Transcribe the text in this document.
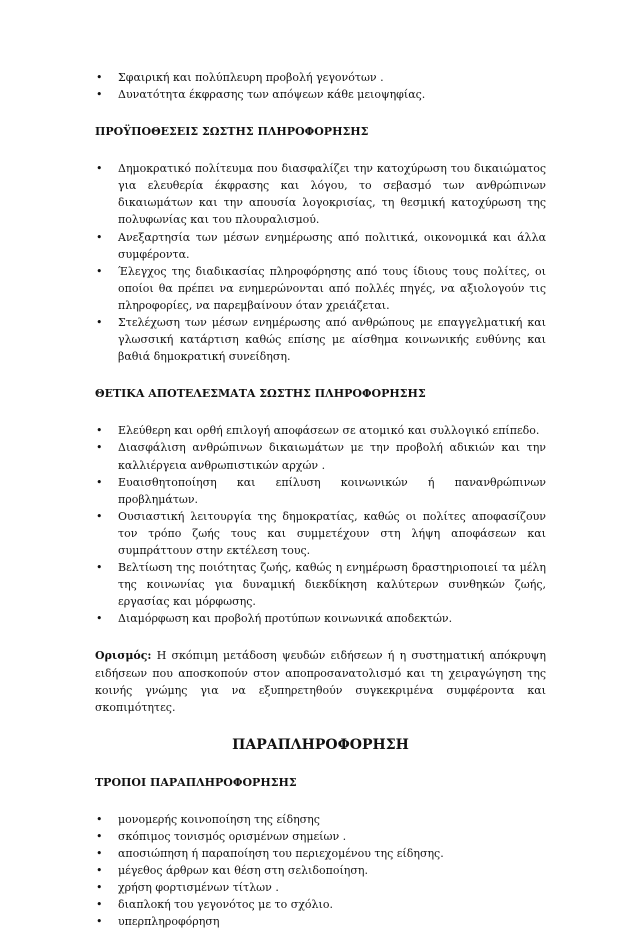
•	Σφαιρική και πολύπλευρη προβολή γεγονότων .
•	Δυνατότητα έκφρασης των απόψεων κάθε μειοψηφίας.
ΠΡΟΫΠΟΘΕΣΕΙΣ ΣΩΣΤΗΣ ΠΛΗΡΟΦΟΡΗΣΗΣ
•	Δημοκρατικό πολίτευμα που διασφαλίζει την κατοχύρωση του δικαιώματος για ελευθερία έκφρασης και λόγου, το σεβασμό των ανθρώπινων δικαιωμάτων και την απουσία λογοκρισίας, τη θεσμική κατοχύρωση της πολυφωνίας και του πλουραλισμού.
•	Ανεξαρτησία των μέσων ενημέρωσης από πολιτικά, οικονομικά και άλλα συμφέροντα.
•	Έλεγχος της διαδικασίας πληροφόρησης από τους ίδιους τους πολίτες, οι οποίοι θα πρέπει να ενημερώνονται από πολλές πηγές, να αξιολογούν τις πληροφορίες, να παρεμβαίνουν όταν χρειάζεται.
•	Στελέχωση των μέσων ενημέρωσης από ανθρώπους με επαγγελματική και γλωσσική κατάρτιση καθώς επίσης με αίσθημα κοινωνικής ευθύνης και βαθιά δημοκρατική συνείδηση.
ΘΕΤΙΚΑ ΑΠΟΤΕΛΕΣΜΑΤΑ ΣΩΣΤΗΣ ΠΛΗΡΟΦΟΡΗΣΗΣ
•	Ελεύθερη και ορθή επιλογή αποφάσεων σε ατομικό και συλλογικό επίπεδο.
•	Διασφάλιση ανθρώπινων δικαιωμάτων με την προβολή αδικιών και την καλλιέργεια ανθρωπιστικών αρχών .
•	Ευαισθητοποίηση και επίλυση κοινωνικών ή πανανθρώπινων προβλημάτων.
•	Ουσιαστική λειτουργία της δημοκρατίας, καθώς οι πολίτες αποφασίζουν τον τρόπο ζωής τους και συμμετέχουν στη λήψη αποφάσεων και συμπράττουν στην εκτέλεση τους.
•	Βελτίωση της ποιότητας ζωής, καθώς η ενημέρωση δραστηριοποιεί τα μέλη της κοινωνίας για δυναμική διεκδίκηση καλύτερων συνθηκών ζωής, εργασίας και μόρφωσης.
•	Διαμόρφωση και προβολή προτύπων κοινωνικά αποδεκτών.

Ορισμός: Η σκόπιμη μετάδοση ψευδών ειδήσεων ή η συστηματική απόκρυψη ειδήσεων που αποσκοπούν στον αποπροσανατολισμό και τη χειραγώγηση της κοινής γνώμης για να εξυπηρετηθούν συγκεκριμένα συμφέροντα και σκοπιμότητες.

ΠΑΡΑΠΛΗΡΟΦΟΡΗΣΗ
ΤΡΟΠΟΙ ΠΑΡΑΠΛΗΡΟΦΟΡΗΣΗΣ
•	μονομερής κοινοποίηση της είδησης
•	σκόπιμος τονισμός ορισμένων σημείων .
•	αποσιώπηση ή παραποίηση του περιεχομένου της είδησης.
•	μέγεθος άρθρων και θέση στη σελιδοποίηση.
•	χρήση φορτισμένων τίτλων .
•	διαπλοκή του γεγονότος με το σχόλιο.
•	υπερπληροφόρηση
